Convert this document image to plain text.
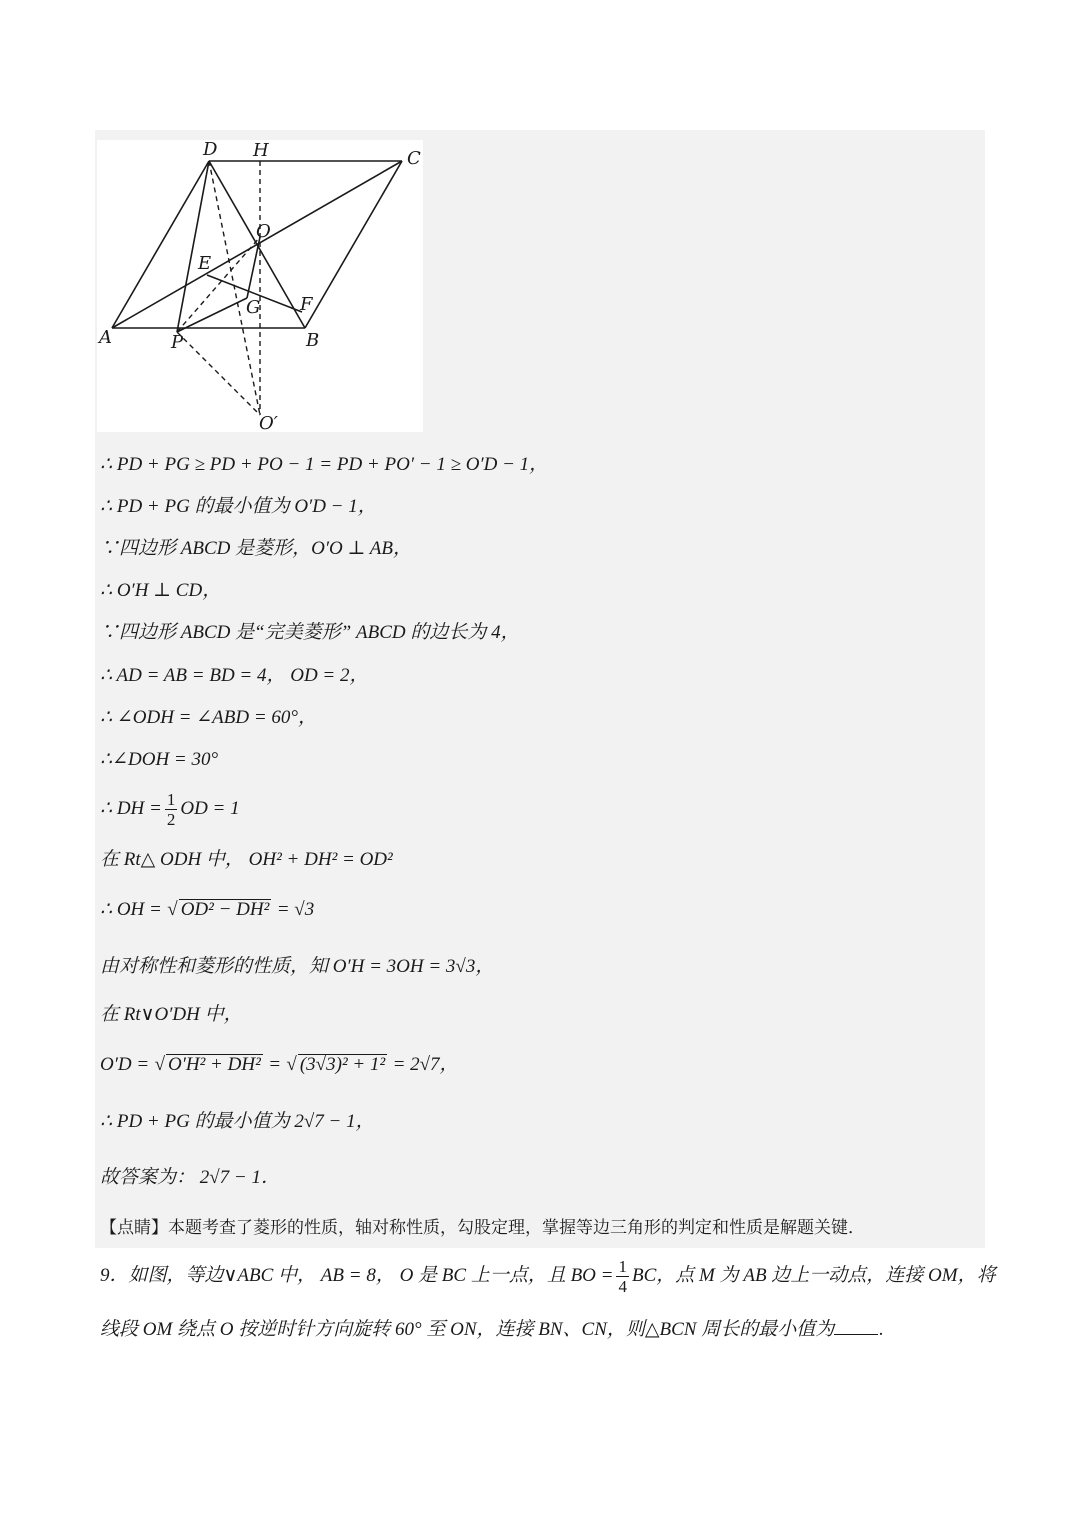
D H	C
O
E
G F
A	P	B
O′
∴ PD + PG ≥ PD + PO − 1 = PD + PO′ − 1 ≥ O′D − 1，
∴ PD + PG 的最小值为 O′D − 1，
∵四边形 ABCD 是菱形，O′O ⊥ AB，
∴ O′H ⊥ CD，
∵四边形 ABCD 是“完美菱形” ABCD 的边长为 4，
∴ AD = AB = BD = 4， OD = 2，
∴ ∠ODH = ∠ABD = 60°，
∴∠DOH = 30°
∴ DH = $\frac{1}{2}$ OD = 1
在 Rt△ ODH 中， OH² + DH² = OD²
∴ OH = √ OD² − DH² = √3
由对称性和菱形的性质，知 O′H = 3OH = 3√3，
在 Rt∨O′DH 中，
O′D = √ O′H² + DH² = √ (3√3)² + 1² = 2√7，
∴ PD + PG 的最小值为 2√7 − 1，
故答案为： 2√7 − 1．
【点睛】本题考查了菱形的性质，轴对称性质，勾股定理，掌握等边三角形的判定和性质是解题关键．
9．如图，等边∨ABC 中， AB = 8， O 是 BC 上一点，且 BO = $\frac{1}{4}$ BC，点 M 为 AB 边上一动点，连接 OM，将
线段 OM 绕点 O 按逆时针方向旋转 60° 至 ON，连接 BN、CN，则△BCN 周长的最小值为	.
